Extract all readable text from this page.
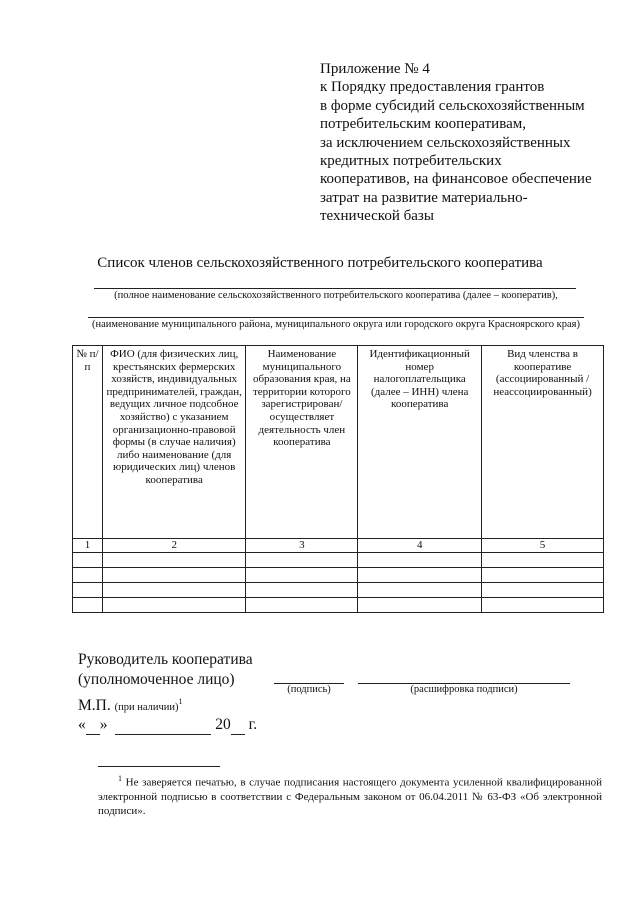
Приложение № 4
к Порядку предоставления грантов
в форме субсидий сельскохозяйственным
потребительским кооперативам,
за исключением сельскохозяйственных
кредитных потребительских
кооперативов, на финансовое обеспечение
затрат на развитие материально-
технической базы
Список членов сельскохозяйственного потребительского кооператива
(полное наименование сельскохозяйственного потребительского кооператива (далее – кооператив),
(наименование муниципального района, муниципального округа или городского округа Красноярского края)
№ п/п	ФИО (для физических лиц, крестьянских фермерских хозяйств, индивидуальных предпринимателей, граждан, ведущих личное подсобное хозяйство) с указанием организационно-правовой формы (в случае наличия) либо наименование (для юридических лиц) членов кооператива	Наименование муниципального образования края, на территории которого зарегистрирован/ осуществляет деятельность член кооператива	Идентификационный номер налогоплательщика (далее – ИНН) члена кооператива	Вид членства в кооперативе (ассоциированный / неассоциированный)
1	2	3	4	5

Руководитель кооператива
(уполномоченное лицо)
(подпись)	(расшифровка подписи)
М.П. (при наличии)$^1$
« »	20 г.
$^1$ Не заверяется печатью, в случае подписания настоящего документа усиленной квалифицированной электронной подписью в соответствии с Федеральным законом от 06.04.2011 № 63-ФЗ «Об электронной подписи».
